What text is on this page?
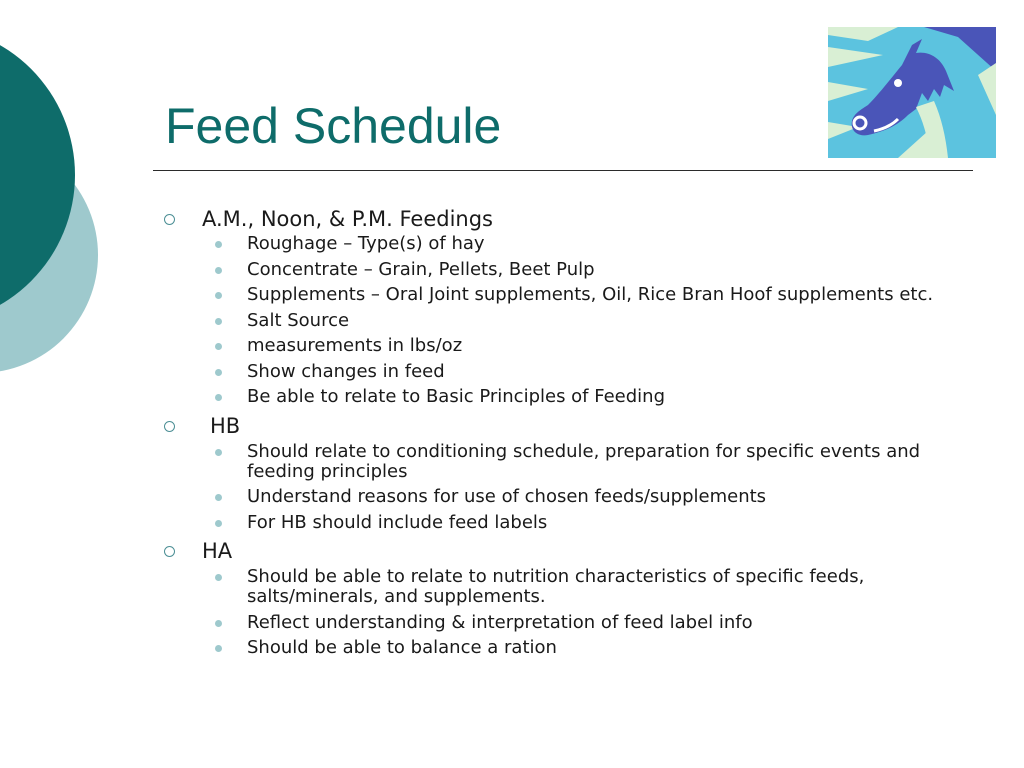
Feed Schedule
A.M., Noon, & P.M. Feedings
Roughage – Type(s) of hay
Concentrate – Grain, Pellets, Beet Pulp
Supplements – Oral Joint supplements, Oil, Rice Bran Hoof supplements etc.
Salt Source
measurements in lbs/oz
Show changes in feed
Be able to relate to Basic Principles of Feeding
HB
Should relate to conditioning schedule, preparation for specific events and feeding principles
Understand reasons for use of chosen feeds/supplements
For HB should include feed labels
HA
Should be able to relate to nutrition characteristics of specific feeds, salts/minerals, and supplements.
Reflect understanding & interpretation of feed label info
Should be able to balance a ration
